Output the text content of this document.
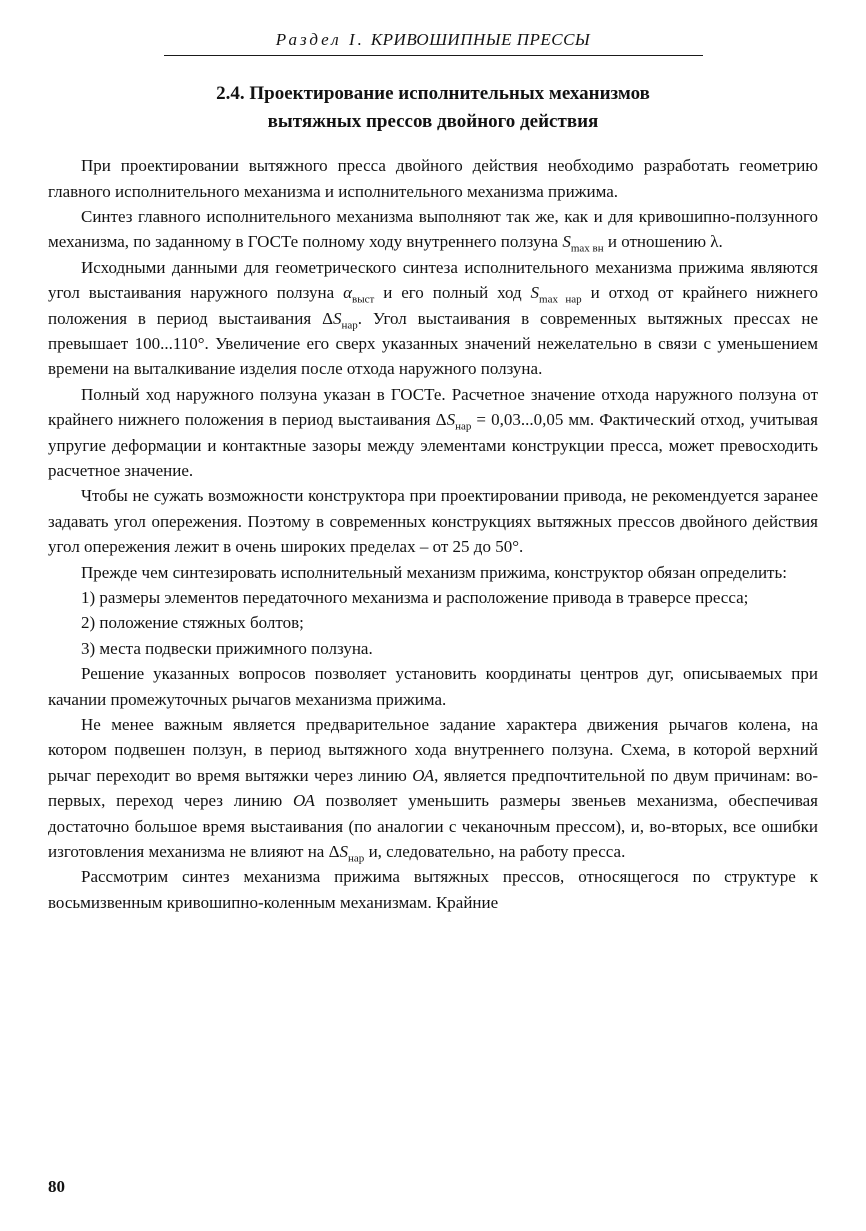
Раздел I. КРИВОШИПНЫЕ ПРЕССЫ
2.4. Проектирование исполнительных механизмов
вытяжных прессов двойного действия

При проектировании вытяжного пресса двойного действия необходимо разработать геометрию главного исполнительного механизма и исполнительного механизма прижима.

Синтез главного исполнительного механизма выполняют так же, как и для кривошипно-ползунного механизма, по заданному в ГОСТе полному ходу внутреннего ползуна $S_{max вн}$ и отношению λ.

Исходными данными для геометрического синтеза исполнительного механизма прижима являются угол выстаивания наружного ползуна $\alpha_{выст}$ и его полный ход $S_{max нар}$ и отход от крайнего нижнего положения в период выстаивания $\Delta S_{нар}$. Угол выстаивания в современных вытяжных прессах не превышает 100...110°. Увеличение его сверх указанных значений нежелательно в связи с уменьшением времени на выталкивание изделия после отхода наружного ползуна.

Полный ход наружного ползуна указан в ГОСТе. Расчетное значение отхода наружного ползуна от крайнего нижнего положения в период выстаивания $\Delta S_{нар} = 0,03...0,05$ мм. Фактический отход, учитывая упругие деформации и контактные зазоры между элементами конструкции пресса, может превосходить расчетное значение.

Чтобы не сужать возможности конструктора при проектировании привода, не рекомендуется заранее задавать угол опережения. Поэтому в современных конструкциях вытяжных прессов двойного действия угол опережения лежит в очень широких пределах – от 25 до 50°.

Прежде чем синтезировать исполнительный механизм прижима, конструктор обязан определить:

1) размеры элементов передаточного механизма и расположение привода в траверсе пресса;

2) положение стяжных болтов;

3) места подвески прижимного ползуна.

Решение указанных вопросов позволяет установить координаты центров дуг, описываемых при качании промежуточных рычагов механизма прижима.

Не менее важным является предварительное задание характера движения рычагов колена, на котором подвешен ползун, в период вытяжного хода внутреннего ползуна. Схема, в которой верхний рычаг переходит во время вытяжки через линию ОА, является предпочтительной по двум причинам: во-первых, переход через линию ОА позволяет уменьшить размеры звеньев механизма, обеспечивая достаточно большое время выстаивания (по аналогии с чеканочным прессом), и, во-вторых, все ошибки изготовления механизма не влияют на $\Delta S_{нар}$ и, следовательно, на работу пресса.

Рассмотрим синтез механизма прижима вытяжных прессов, относящегося по структуре к восьмизвенным кривошипно-коленным механизмам. Крайние

80
